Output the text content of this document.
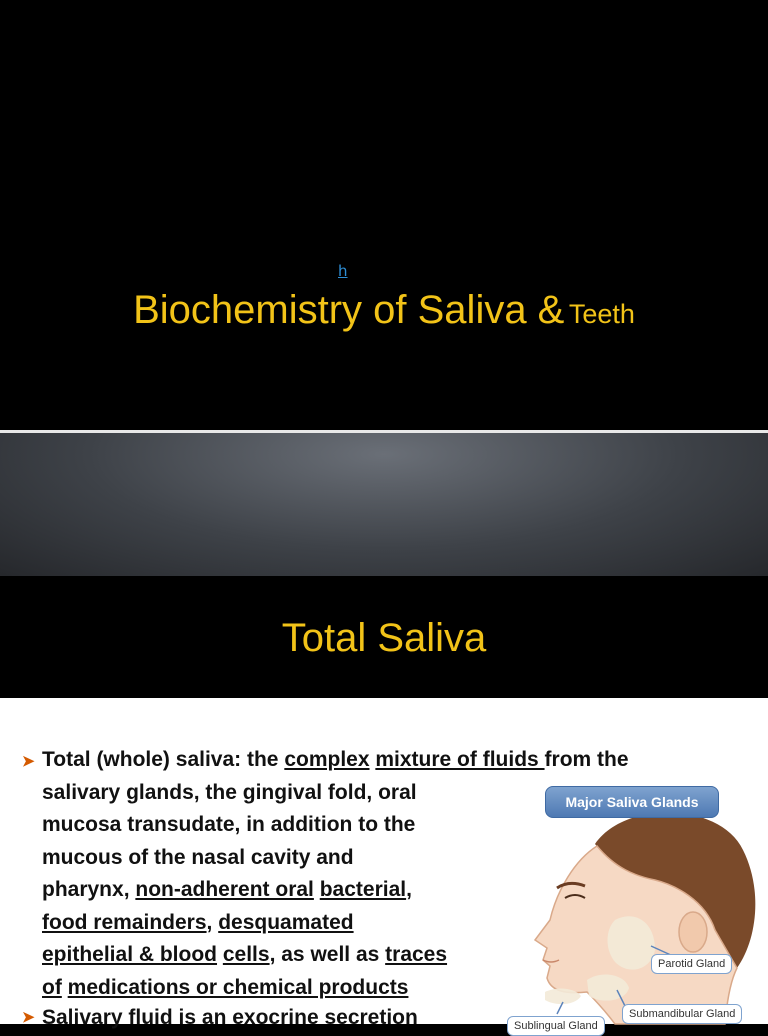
h
Biochemistry of Saliva & Teeth
Total Saliva
➤ Total (whole) saliva: the complex mixture of fluids from the
salivary glands, the gingival fold, oral
mucosa transudate, in addition to the
mucous of the nasal cavity and
pharynx, non-adherent oral bacterial,
food remainders, desquamated
epithelial & blood cells, as well as traces
of medications or chemical products
Major Saliva Glands
Parotid Gland
Submandibular Gland
Sublingual Gland
➤ Salivary fluid is an exocrine secretion
